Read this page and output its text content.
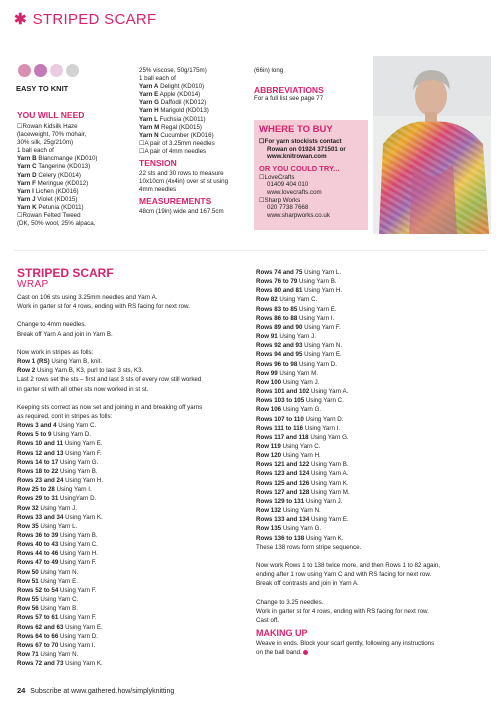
✱ STRIPED SCARF
EASY TO KNIT
YOU WILL NEED
☐Rowan Kidsilk Haze
(laceweight, 70% mohair,
30% silk, 25g/210m)
1 ball each of
Yarn B Blancmange (KD010)
Yarn C Tangerine (KD013)
Yarn D Celery (KD014)
Yarn F Meringue (KD012)
Yarn I Lichen (KD016)
Yarn J Violet (KD015)
Yarn K Petunia (KD011)
☐Rowan Felted Tweed
(DK, 50% wool, 25% alpaca,
25% viscose, 50g/175m)
1 ball each of
Yarn A Delight (KD010)
Yarn E Apple (KD014)
Yarn G Daffodil (KD012)
Yarn H Marigold (KD013)
Yarn L Fuchsia (KD011)
Yarn M Regal (KD015)
Yarn N Cucumber (KD016)
☐A pair of 3.25mm needles
☐A pair of 4mm needles
TENSION
22 sts and 30 rows to measure
10x10cm (4x4in) over st st using
4mm needles
MEASUREMENTS
48cm (19in) wide and 167.5cm
(66in) long
ABBREVIATIONS
For a full list see page 77
WHERE TO BUY
☐For yarn stockists contact
Rowan on 01924 371501 or
www.knitrowan.com
OR YOU COULD TRY...
☐LoveCrafts
01409 404 010
www.lovecrafts.com
☐Sharp Works
020 7738 7668
www.sharpworks.co.uk
STRIPED SCARF
WRAP
Cast on 106 sts using 3.25mm needles and Yarn A.
Work in garter st for 4 rows, ending with RS facing for next row.
Change to 4mm needles.
Break off Yarn A and join in Yarn B.
Now work in stripes as folls:
Row 1 (RS) Using Yarn B, knit.
Row 2 Using Yarn B, K3, purl to last 3 sts, K3.
Last 2 rows set the sts – first and last 3 sts of every row still worked
in garter st with all other sts now worked in st st.
Keeping sts correct as now set and joining in and breaking off yarns
as required, cont in stripes as folls:
Rows 3 and 4 Using Yarn C.
Rows 5 to 9 Using Yarn D.
Rows 10 and 11 Using Yarn E.
Rows 12 and 13 Using Yarn F.
Rows 14 to 17 Using Yarn G.
Rows 18 to 22 Using Yarn B.
Rows 23 and 24 Using Yarn H.
Row 25 to 28 Using Yarn I.
Rows 29 to 31 UsingYarn D.
Row 32 Using Yarn J.
Rows 33 and 34 Using Yarn K.
Row 35 Using Yarn L.
Rows 36 to 39 Using Yarn B.
Rows 40 to 43 Using Yarn C.
Rows 44 to 46 Using Yarn H.
Rows 47 to 49 Using Yarn F.
Row 50 Using Yarn N.
Row 51 Using Yarn E.
Rows 52 to 54 Using Yarn F.
Row 55 Using Yarn C.
Row 56 Using Yarn B.
Rows 57 to 61 Using Yarn F.
Rows 62 and 63 Using Yarn E.
Rows 64 to 66 Using Yarn D.
Rows 67 to 70 Using Yarn I.
Row 71 Using Yarn N.
Rows 72 and 73 Using Yarn K.
Rows 74 and 75 Using Yarn L.
Rows 76 to 79 Using Yarn B.
Rows 80 and 81 Using Yarn H.
Row 82 Using Yarn C.
Rows 83 to 85 Using Yarn E.
Rows 86 to 88 Using Yarn I.
Rows 89 and 90 Using Yarn F.
Row 91 Using Yarn J.
Rows 92 and 93 Using Yarn N.
Rows 94 and 95 Using Yarn E.
Rows 96 to 98 Using Yarn D.
Row 99 Using Yarn M.
Row 100 Using Yarn J.
Rows 101 and 102 Using Yarn A.
Rows 103 to 105 Using Yarn C.
Row 106 Using Yarn G.
Rows 107 to 110 Using Yarn D.
Rows 111 to 116 Using Yarn I.
Rows 117 and 118 Using Yarn G.
Row 119 Using Yarn C.
Row 120 Using Yarn H.
Rows 121 and 122 Using Yarn B.
Rows 123 and 124 Using Yarn A.
Rows 125 and 126 Using Yarn K.
Rows 127 and 128 Using Yarn M.
Rows 129 to 131 Using Yarn J.
Row 132 Using Yarn N.
Rows 133 and 134 Using Yarn E.
Row 135 Using Yarn G.
Rows 136 to 138 Using Yarn K.
These 138 rows form stripe sequence.
Now work Rows 1 to 138 twice more, and then Rows 1 to 82 again,
ending after 1 row using Yarn C and with RS facing for next row.
Break off contrasts and join in Yarn A.
Change to 3.25 needles.
Work in garter st for 4 rows, ending with RS facing for next row.
Cast off.
MAKING UP
Weave in ends. Block your scarf gently, following any instructions
on the ball band.
24 Subscribe at www.gathered.how/simplyknitting
